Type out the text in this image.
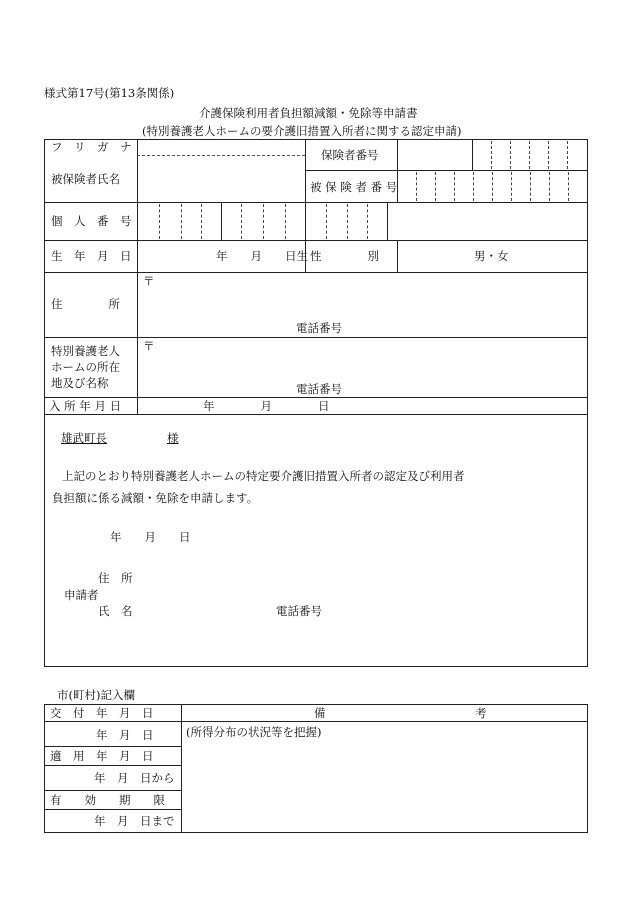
様式第17号(第13条関係)
介護保険利用者負担額減額・免除等申請書
(特別養護老人ホームの要介護旧措置入所者に関する認定申請)
フ　リ　ガ　ナ
被保険者氏名
保険者番号
被 保 険 者 番 号
個　人　番　号
生　年　月　日	年　　月　　日生 性　　　　別	男・女
住　　　　所
〒
電話番号
特別養護老人
ホームの所在
地及び名称
〒
電話番号
入 所 年 月 日	年　　　　月　　　　日
雄武町長	様
上記のとおり特別養護老人ホームの特定要介護旧措置入所者の認定及び利用者
負担額に係る減額・免除を申請します。
年　　月　　日
住　所
申請者
氏　名	電話番号
市(町村)記入欄
交　付　年　月　日	備　　　　　　　　　　　　　考
年　月　日	(所得分布の状況等を把握)
適　用　年　月　日
年　月　日から
有　　効　　期　　限
年　月　日まで
